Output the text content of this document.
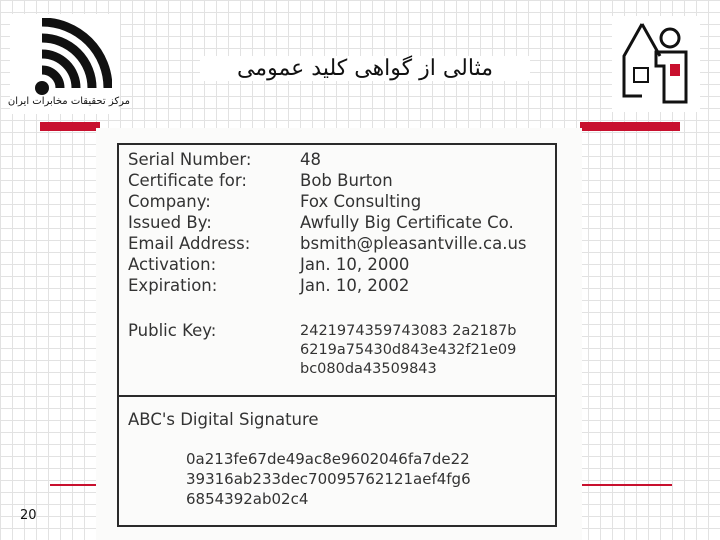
مرکز تحقیقات مخابرات ایران
مثالی از گواهی کلید عمومی
Serial Number:	48
Certificate for:	Bob Burton
Company:	Fox Consulting
Issued By:	Awfully Big Certificate Co.
Email Address:	bsmith@pleasantville.ca.us
Activation:	Jan. 10, 2000
Expiration:	Jan. 10, 2002
Public Key:	2421974359743083 2a2187b
6219a75430d843e432f21e09
bc080da43509843
ABC's Digital Signature
0a213fe67de49ac8e9602046fa7de22
39316ab233dec70095762121aef4fg6
6854392ab02c4
20
